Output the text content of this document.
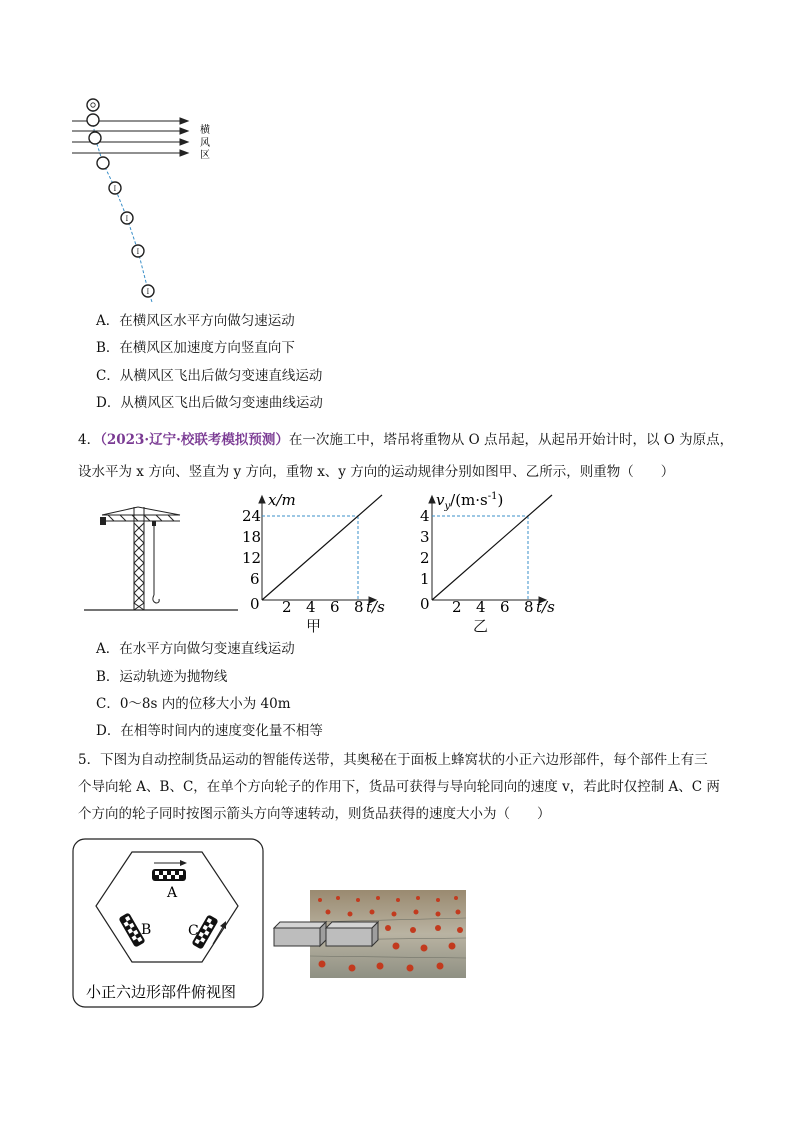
I
I
I
I
横
风
区
A．在横风区水平方向做匀速运动
B．在横风区加速度方向竖直向下
C．从横风区飞出后做匀变速直线运动
D．从横风区飞出后做匀变速曲线运动
4．（2023·辽宁·校联考模拟预测）在一次施工中，塔吊将重物从 O 点吊起，从起吊开始计时，以 O 为原点，
设水平为 x 方向、竖直为 y 方向，重物 x、y 方向的运动规律分别如图甲、乙所示，则重物（　　）
2 4 6 8
6
12
18
24
0
x/m
t/s
甲
2 4 6 8
1
2
3
4
0
$v_y/(m\cdot s^{-1})$
t/s
乙
A．在水平方向做匀变速直线运动
B．运动轨迹为抛物线
C．0～8s 内的位移大小为 40m
D．在相等时间内的速度变化量不相等
5．下图为自动控制货品运动的智能传送带，其奥秘在于面板上蜂窝状的小正六边形部件，每个部件上有三
个导向轮 A、B、C，在单个方向轮子的作用下，货品可获得与导向轮同向的速度 v，若此时仅控制 A、C 两
个方向的轮子同时按图示箭头方向等速转动，则货品获得的速度大小为（　　）
A
B	C
小正六边形部件俯视图
